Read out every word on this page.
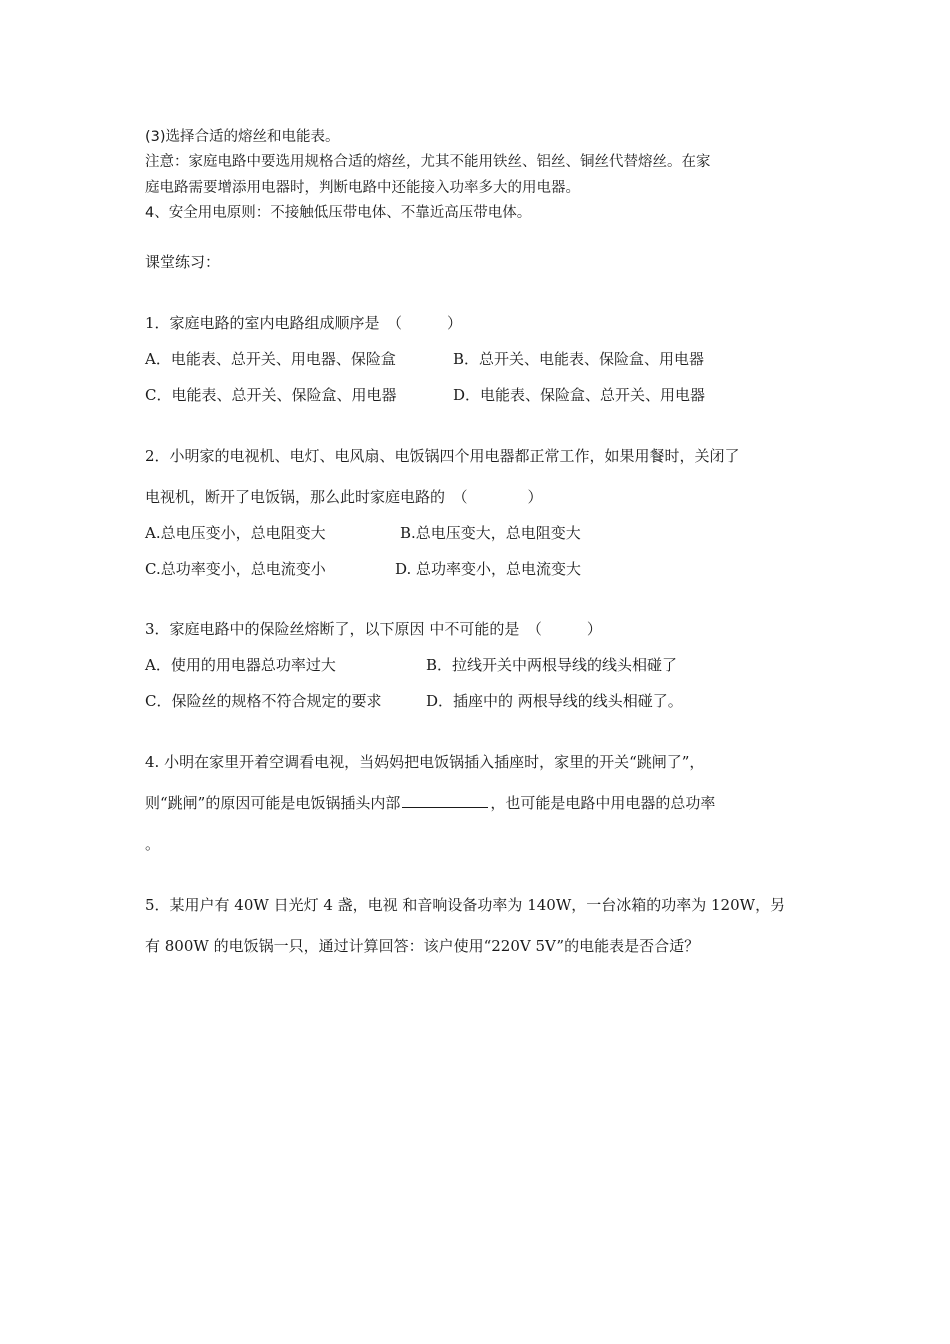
(3)选择合适的熔丝和电能表。
注意：家庭电路中要选用规格合适的熔丝，尤其不能用铁丝、铝丝、铜丝代替熔丝。在家
庭电路需要增添用电器时，判断电路中还能接入功率多大的用电器。
4、安全用电原则：不接触低压带电体、不靠近高压带电体。
课堂练习：
1．家庭电路的室内电路组成顺序是　（　　　）
A．电能表、总开关、用电器、保险盒	B．总开关、电能表、保险盒、用电器
C．电能表、总开关、保险盒、用电器	D．电能表、保险盒、总开关、用电器
2．小明家的电视机、电灯、电风扇、电饭锅四个用电器都正常工作，如果用餐时，关闭了
电视机，断开了电饭锅，那么此时家庭电路的　（　　　　）
A.总电压变小，总电阻变大	B.总电压变大，总电阻变大
C.总功率变小，总电流变小	D. 总功率变小，总电流变大
3．家庭电路中的保险丝熔断了，以下原因 中不可能的是　（　　　）
A．使用的用电器总功率过大	B．拉线开关中两根导线的线头相碰了
C．保险丝的规格不符合规定的要求	D．插座中的 两根导线的线头相碰了。
4. 小明在家里开着空调看电视，当妈妈把电饭锅插入插座时，家里的开关“跳闸了”，
则“跳闸”的原因可能是电饭锅插头内部	，也可能是电路中用电器的总功率
。
5．某用户有 40W 日光灯 4 盏，电视 和音响设备功率为 140W，一台冰箱的功率为 120W，另
有 800W 的电饭锅一只，通过计算回答：该户使用“220V 5V”的电能表是否合适？
